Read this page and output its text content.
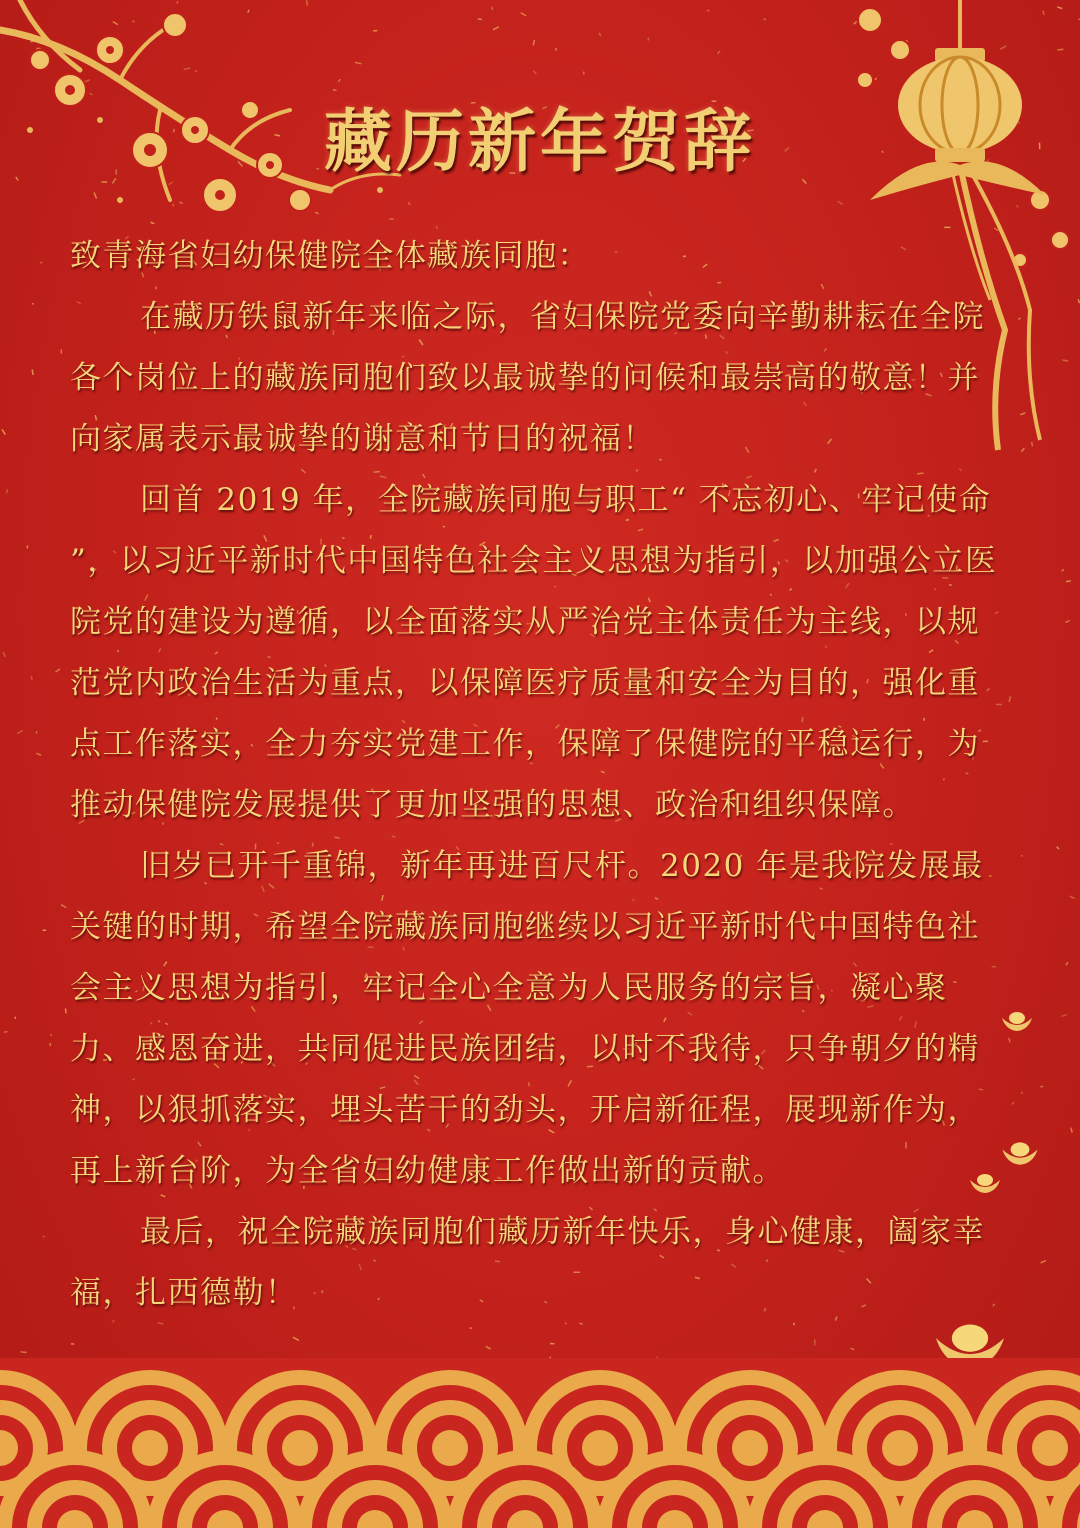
藏历新年贺辞

致青海省妇幼保健院全体藏族同胞：

在藏历铁鼠新年来临之际，省妇保院党委向辛勤耕耘在全院各个岗位上的藏族同胞们致以最诚挚的问候和最崇高的敬意！并向家属表示最诚挚的谢意和节日的祝福！

回首 2019 年，全院藏族同胞与职工“ 不忘初心、牢记使命 ”，以习近平新时代中国特色社会主义思想为指引，以加强公立医院党的建设为遵循，以全面落实从严治党主体责任为主线，以规范党内政治生活为重点，以保障医疗质量和安全为目的，强化重点工作落实，全力夯实党建工作，保障了保健院的平稳运行，为推动保健院发展提供了更加坚强的思想、政治和组织保障。

旧岁已开千重锦，新年再进百尺杆。2020 年是我院发展最关键的时期，希望全院藏族同胞继续以习近平新时代中国特色社会主义思想为指引，牢记全心全意为人民服务的宗旨，凝心聚力、感恩奋进，共同促进民族团结，以时不我待，只争朝夕的精神，以狠抓落实，埋头苦干的劲头，开启新征程，展现新作为，再上新台阶，为全省妇幼健康工作做出新的贡献。

最后，祝全院藏族同胞们藏历新年快乐，身心健康，阖家幸福，扎西德勒！
